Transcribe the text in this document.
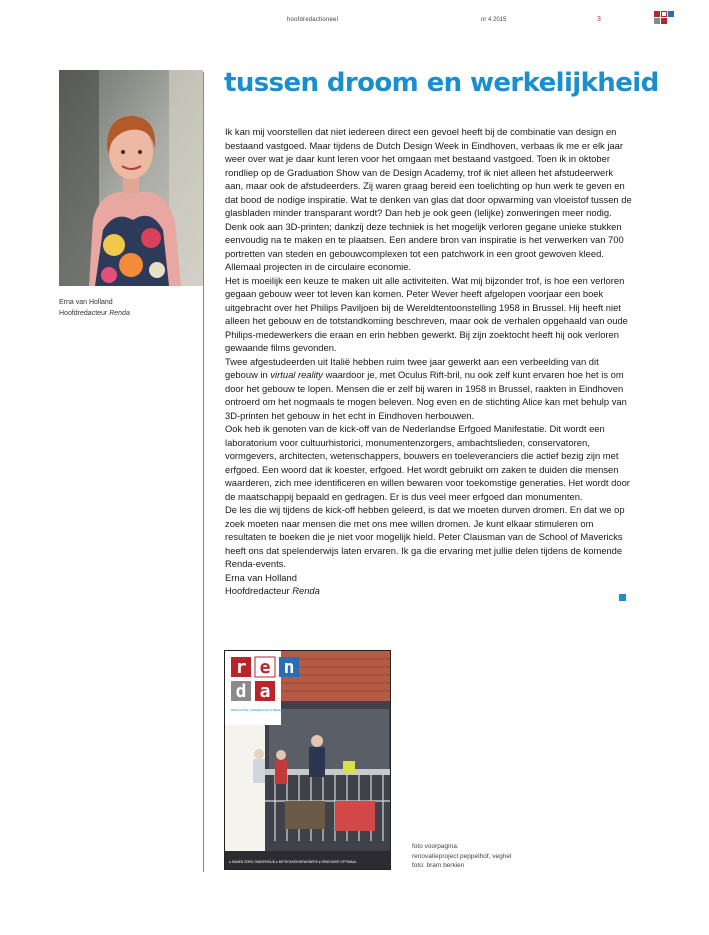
hoofdredactioneel	nr 4 2015	3
Erna van Holland
Hoofdredacteur Renda
tussen droom en werkelijkheid

Ik kan mij voorstellen dat niet iedereen direct een gevoel heeft bij de combinatie van design en bestaand vastgoed. Maar tijdens de Dutch Design Week in Eindhoven, verbaas ik me er elk jaar weer over wat je daar kunt leren voor het omgaan met bestaand vastgoed. Toen ik in oktober rondliep op de Graduation Show van de Design Academy, trof ik niet alleen het afstudeerwerk aan, maar ook de afstudeerders. Zij waren graag bereid een toelichting op hun werk te geven en dat bood de nodige inspiratie. Wat te denken van glas dat door opwarming van vloeistof tussen de glasbladen minder transparant wordt? Dan heb je ook geen (lelijke) zonweringen meer nodig. Denk ook aan 3D-printen; dankzij deze techniek is het mogelijk verloren gegane unieke stukken eenvoudig na te maken en te plaatsen. Een andere bron van inspiratie is het verwerken van 700 portretten van steden en gebouwcomplexen tot een patchwork in een groot gewoven kleed. Allemaal projecten in de circulaire economie.

Het is moeilijk een keuze te maken uit alle activiteiten. Wat mij bijzonder trof, is hoe een verloren gegaan gebouw weer tot leven kan komen. Peter Wever heeft afgelopen voorjaar een boek uitgebracht over het Philips Paviljoen bij de Wereldtentoonstelling 1958 in Brussel. Hij heeft niet alleen het gebouw en de totstandkoming beschreven, maar ook de verhalen opgehaald van oude Philips-medewerkers die eraan en erin hebben gewerkt. Bij zijn zoektocht heeft hij ook verloren gewaande films gevonden.

Twee afgestudeerden uit Italië hebben ruim twee jaar gewerkt aan een verbeelding van dit gebouw in virtual reality waardoor je, met Oculus Rift-bril, nu ook zelf kunt ervaren hoe het is om door het gebouw te lopen. Mensen die er zelf bij waren in 1958 in Brussel, raakten in Eindhoven ontroerd om het nogmaals te mogen beleven. Nog even en de stichting Alice kan met behulp van 3D-printen het gebouw in het echt in Eindhoven herbouwen.

Ook heb ik genoten van de kick-off van de Nederlandse Erfgoed Manifestatie. Dit wordt een laboratorium voor cultuurhistorici, monumentenzorgers, ambachtslieden, conservatoren, vormgevers, architecten, wetenschappers, bouwers en toeleveranciers die actief bezig zijn met erfgoed. Een woord dat ik koester, erfgoed. Het wordt gebruikt om zaken te duiden die mensen waarderen, zich mee identificeren en willen bewaren voor toekomstige generaties. Het wordt door de maatschappij bepaald en gedragen. Er is dus veel meer erfgoed dan monumenten.

De les die wij tijdens de kick-off hebben geleerd, is dat we moeten durven dromen. En dat we op zoek moeten naar mensen die met ons mee willen dromen. Je kunt elkaar stimuleren om resultaten te boeken die je niet voor mogelijk hield. Peter Clausman van de School of Mavericks heeft ons dat spelenderwijs laten ervaren. Ik ga die ervaring met jullie delen tijdens de komende Renda-events.

Erna van Holland

Hoofdredacteur Renda

r e n
d a
RENOVATIE, ONDERHOUD & BEHEER
● SAMEN ZORG ONDERHOUD ● BETROKKEN BEWONERS ● RENOVATIE OPTIMAAL
foto voorpagina:
renovatieproject peppelhof, veghel
foto: bram berkien
